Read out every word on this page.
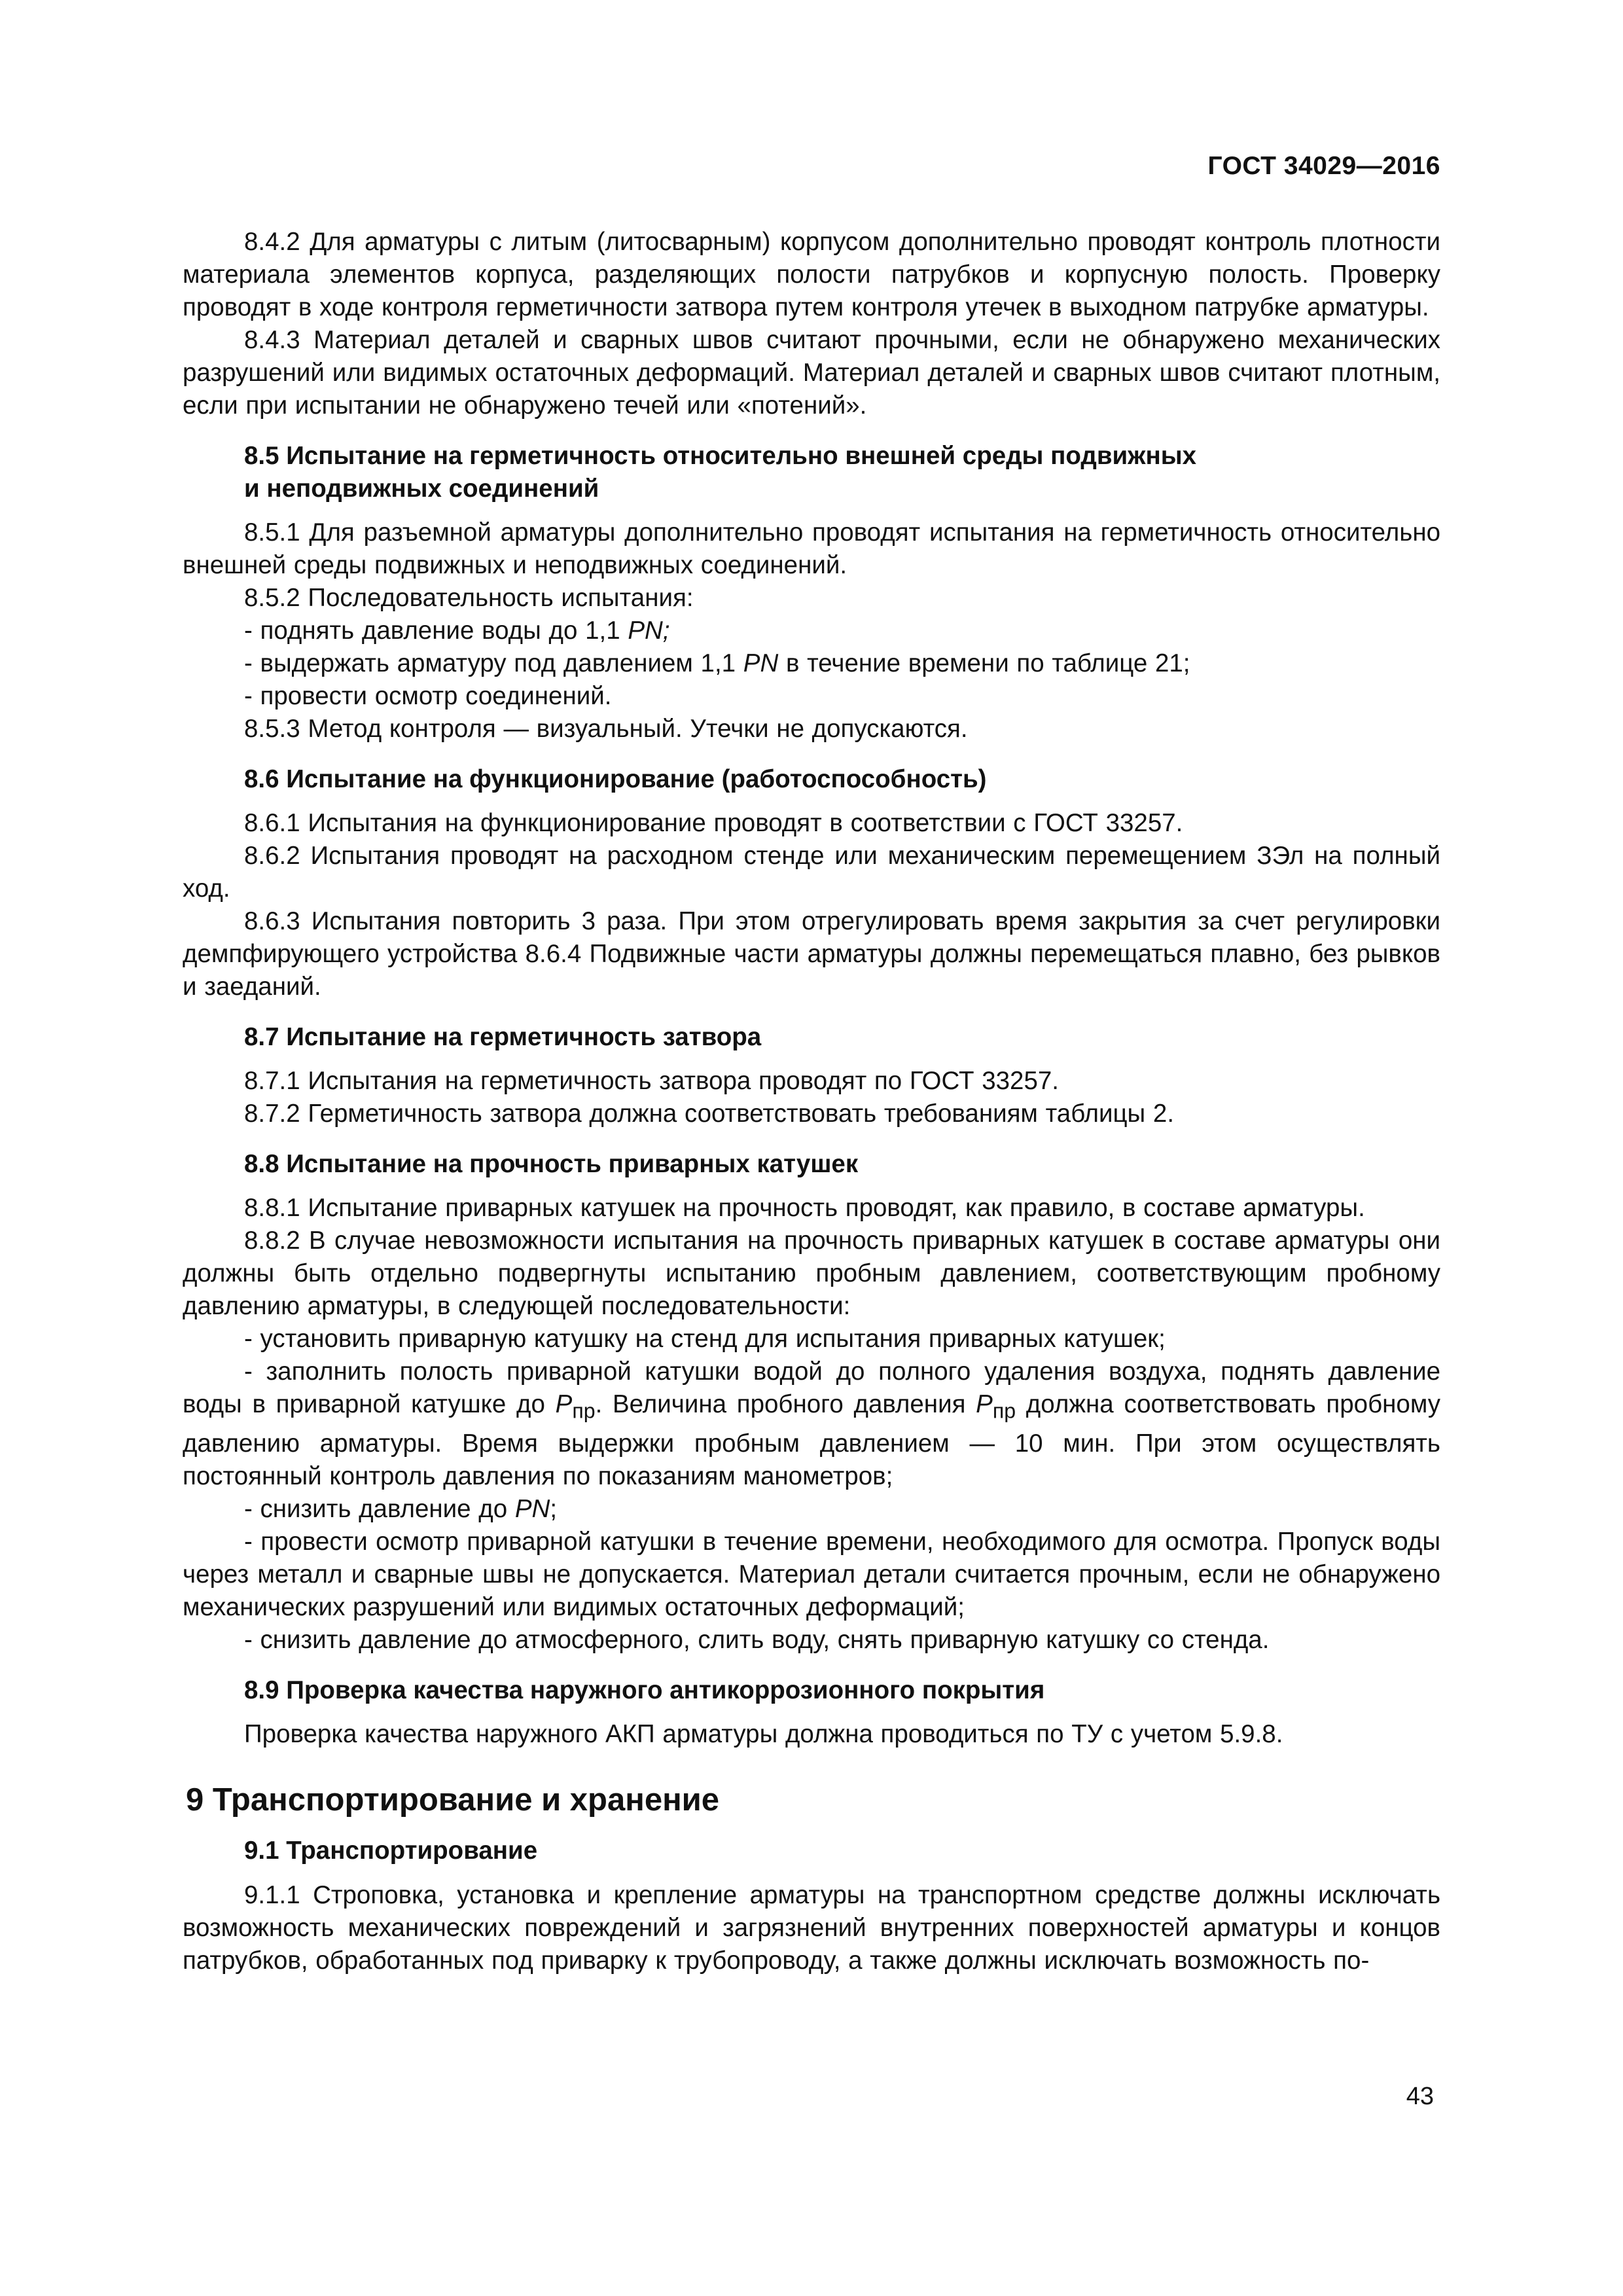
ГОСТ 34029—2016

8.4.2 Для арматуры с литым (литосварным) корпусом дополнительно проводят контроль плотности материала элементов корпуса, разделяющих полости патрубков и корпусную полость. Проверку проводят в ходе контроля герметичности затвора путем контроля утечек в выходном патрубке арматуры.

8.4.3 Материал деталей и сварных швов считают прочными, если не обнаружено механических разрушений или видимых остаточных деформаций. Материал деталей и сварных швов считают плотным, если при испытании не обнаружено течей или «потений».

8.5 Испытание на герметичность относительно внешней среды подвижных
и неподвижных соединений

8.5.1 Для разъемной арматуры дополнительно проводят испытания на герметичность относительно внешней среды подвижных и неподвижных соединений.

8.5.2 Последовательность испытания:

- поднять давление воды до 1,1 PN;

- выдержать арматуру под давлением 1,1 PN в течение времени по таблице 21;

- провести осмотр соединений.

8.5.3 Метод контроля — визуальный. Утечки не допускаются.

8.6 Испытание на функционирование (работоспособность)

8.6.1 Испытания на функционирование проводят в соответствии с ГОСТ 33257.

8.6.2 Испытания проводят на расходном стенде или механическим перемещением ЗЭл на полный ход.

8.6.3 Испытания повторить 3 раза. При этом отрегулировать время закрытия за счет регулировки демпфирующего устройства 8.6.4 Подвижные части арматуры должны перемещаться плавно, без рывков и заеданий.

8.7 Испытание на герметичность затвора

8.7.1 Испытания на герметичность затвора проводят по ГОСТ 33257.

8.7.2 Герметичность затвора должна соответствовать требованиям таблицы 2.

8.8 Испытание на прочность приварных катушек

8.8.1 Испытание приварных катушек на прочность проводят, как правило, в составе арматуры.

8.8.2 В случае невозможности испытания на прочность приварных катушек в составе арматуры они должны быть отдельно подвергнуты испытанию пробным давлением, соответствующим пробному давлению арматуры, в следующей последовательности:

- установить приварную катушку на стенд для испытания приварных катушек;

- заполнить полость приварной катушки водой до полного удаления воздуха, поднять давление воды в приварной катушке до $P_{пр}$. Величина пробного давления $P_{пр}$ должна соответствовать пробному давлению арматуры. Время выдержки пробным давлением — 10 мин. При этом осуществлять постоянный контроль давления по показаниям манометров;

- снизить давление до PN;

- провести осмотр приварной катушки в течение времени, необходимого для осмотра. Пропуск воды через металл и сварные швы не допускается. Материал детали считается прочным, если не обнаружено механических разрушений или видимых остаточных деформаций;

- снизить давление до атмосферного, слить воду, снять приварную катушку со стенда.

8.9 Проверка качества наружного антикоррозионного покрытия

Проверка качества наружного АКП арматуры должна проводиться по ТУ с учетом 5.9.8.

9 Транспортирование и хранение
9.1 Транспортирование

9.1.1 Строповка, установка и крепление арматуры на транспортном средстве должны исключать возможность механических повреждений и загрязнений внутренних поверхностей арматуры и концов патрубков, обработанных под приварку к трубопроводу, а также должны исключать возможность по-

43
